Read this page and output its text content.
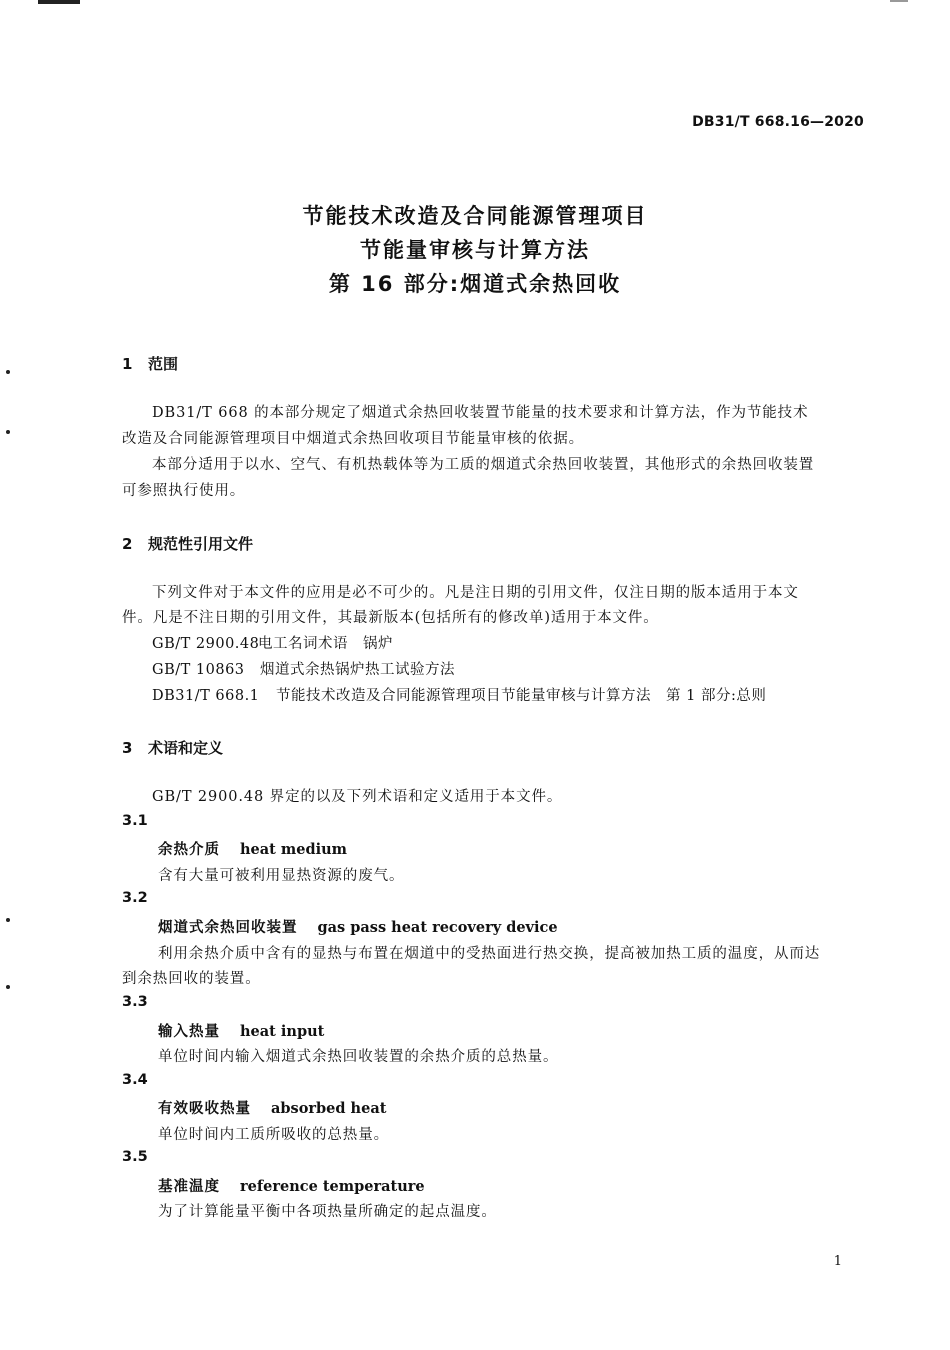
DB31/T 668.16—2020
节能技术改造及合同能源管理项目
节能量审核与计算方法
第 16 部分:烟道式余热回收
1 范围
DB31/T 668 的本部分规定了烟道式余热回收装置节能量的技术要求和计算方法，作为节能技术
改造及合同能源管理项目中烟道式余热回收项目节能量审核的依据。
本部分适用于以水、空气、有机热载体等为工质的烟道式余热回收装置，其他形式的余热回收装置
可参照执行使用。
2 规范性引用文件
下列文件对于本文件的应用是必不可少的。凡是注日期的引用文件，仅注日期的版本适用于本文
件。凡是不注日期的引用文件，其最新版本(包括所有的修改单)适用于本文件。
GB/T 2900.48电工名词术语　锅炉
GB/T 10863 烟道式余热锅炉热工试验方法
DB31/T 668.1 节能技术改造及合同能源管理项目节能量审核与计算方法　第 1 部分:总则
3 术语和定义
GB/T 2900.48 界定的以及下列术语和定义适用于本文件。
3.1
余热介质 heat medium
含有大量可被利用显热资源的废气。
3.2
烟道式余热回收装置 gas pass heat recovery device
利用余热介质中含有的显热与布置在烟道中的受热面进行热交换，提高被加热工质的温度，从而达
到余热回收的装置。
3.3
输入热量 heat input
单位时间内输入烟道式余热回收装置的余热介质的总热量。
3.4
有效吸收热量 absorbed heat
单位时间内工质所吸收的总热量。
3.5
基准温度 reference temperature
为了计算能量平衡中各项热量所确定的起点温度。
1
